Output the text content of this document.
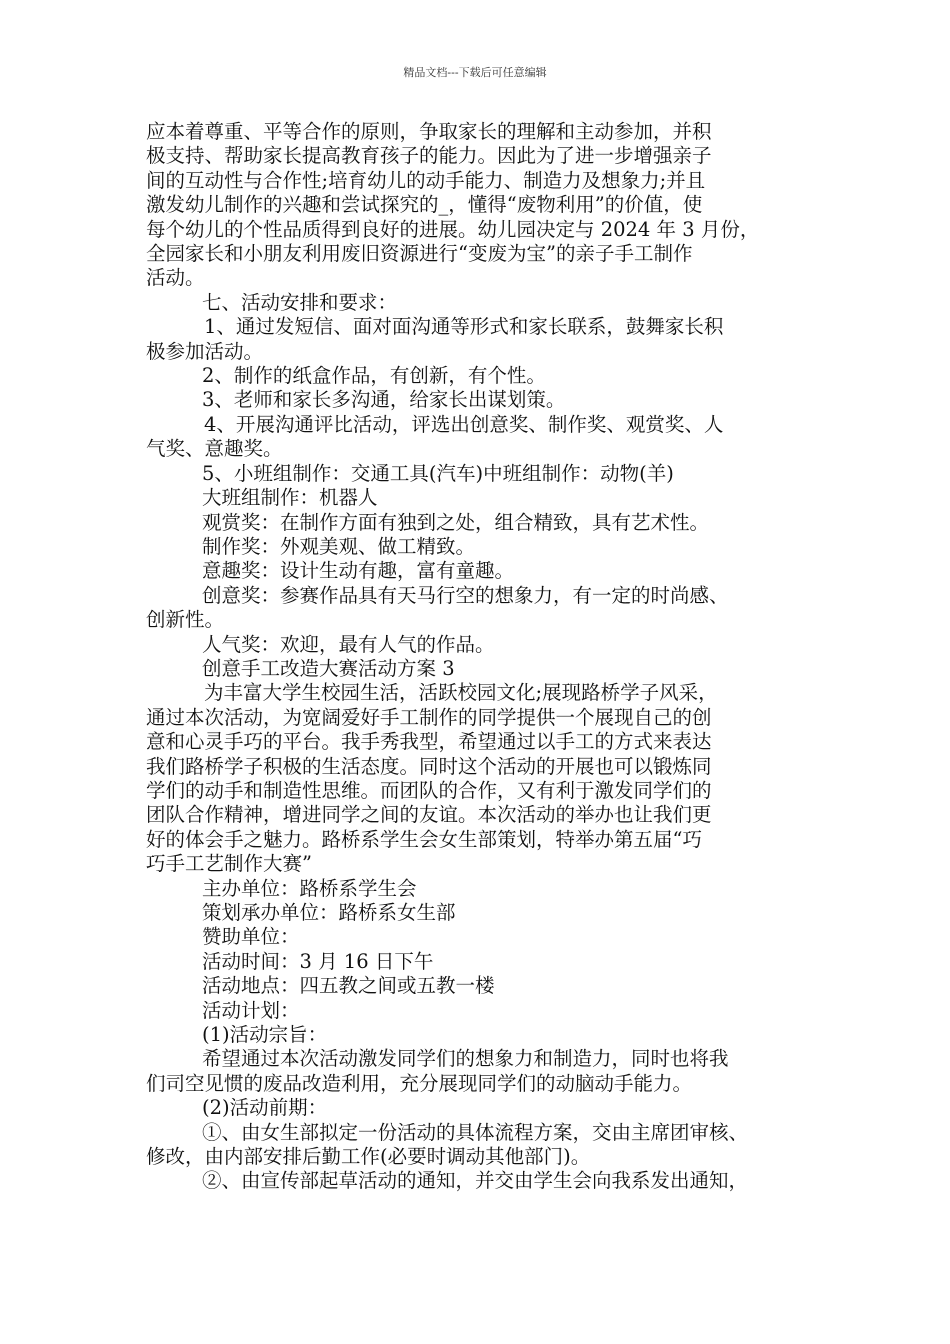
精品文档---下载后可任意编辑

应本着尊重、平等合作的原则，争取家长的理解和主动参加，并积

极支持、帮助家长提高教育孩子的能力。因此为了进一步增强亲子

间的互动性与合作性;培育幼儿的动手能力、制造力及想象力;并且

激发幼儿制作的兴趣和尝试探究的_，懂得“废物利用”的价值，使

每个幼儿的个性品质得到良好的进展。幼儿园决定与 2024 年 3 月份，

全园家长和小朋友利用废旧资源进行“变废为宝”的亲子手工制作

活动。

七、活动安排和要求：

1、通过发短信、面对面沟通等形式和家长联系，鼓舞家长积

极参加活动。

2、制作的纸盒作品，有创新，有个性。

3、老师和家长多沟通，给家长出谋划策。

4、开展沟通评比活动，评选出创意奖、制作奖、观赏奖、人

气奖、意趣奖。

5、小班组制作：交通工具(汽车)中班组制作：动物(羊)

大班组制作：机器人

观赏奖：在制作方面有独到之处，组合精致，具有艺术性。

制作奖：外观美观、做工精致。

意趣奖：设计生动有趣，富有童趣。

创意奖：参赛作品具有天马行空的想象力，有一定的时尚感、

创新性。

人气奖：欢迎，最有人气的作品。

创意手工改造大赛活动方案 3

为丰富大学生校园生活，活跃校园文化;展现路桥学子风采，

通过本次活动，为宽阔爱好手工制作的同学提供一个展现自己的创

意和心灵手巧的平台。我手秀我型，希望通过以手工的方式来表达

我们路桥学子积极的生活态度。同时这个活动的开展也可以锻炼同

学们的动手和制造性思维。而团队的合作，又有利于激发同学们的

团队合作精神，增进同学之间的友谊。本次活动的举办也让我们更

好的体会手之魅力。路桥系学生会女生部策划，特举办第五届“巧

巧手工艺制作大赛”

主办单位：路桥系学生会

策划承办单位：路桥系女生部

赞助单位：

活动时间：3 月 16 日下午

活动地点：四五教之间或五教一楼

活动计划：

(1)活动宗旨：

希望通过本次活动激发同学们的想象力和制造力，同时也将我

们司空见惯的废品改造利用，充分展现同学们的动脑动手能力。

(2)活动前期：

①、由女生部拟定一份活动的具体流程方案，交由主席团审核、

修改，由内部安排后勤工作(必要时调动其他部门)。

②、由宣传部起草活动的通知，并交由学生会向我系发出通知，
